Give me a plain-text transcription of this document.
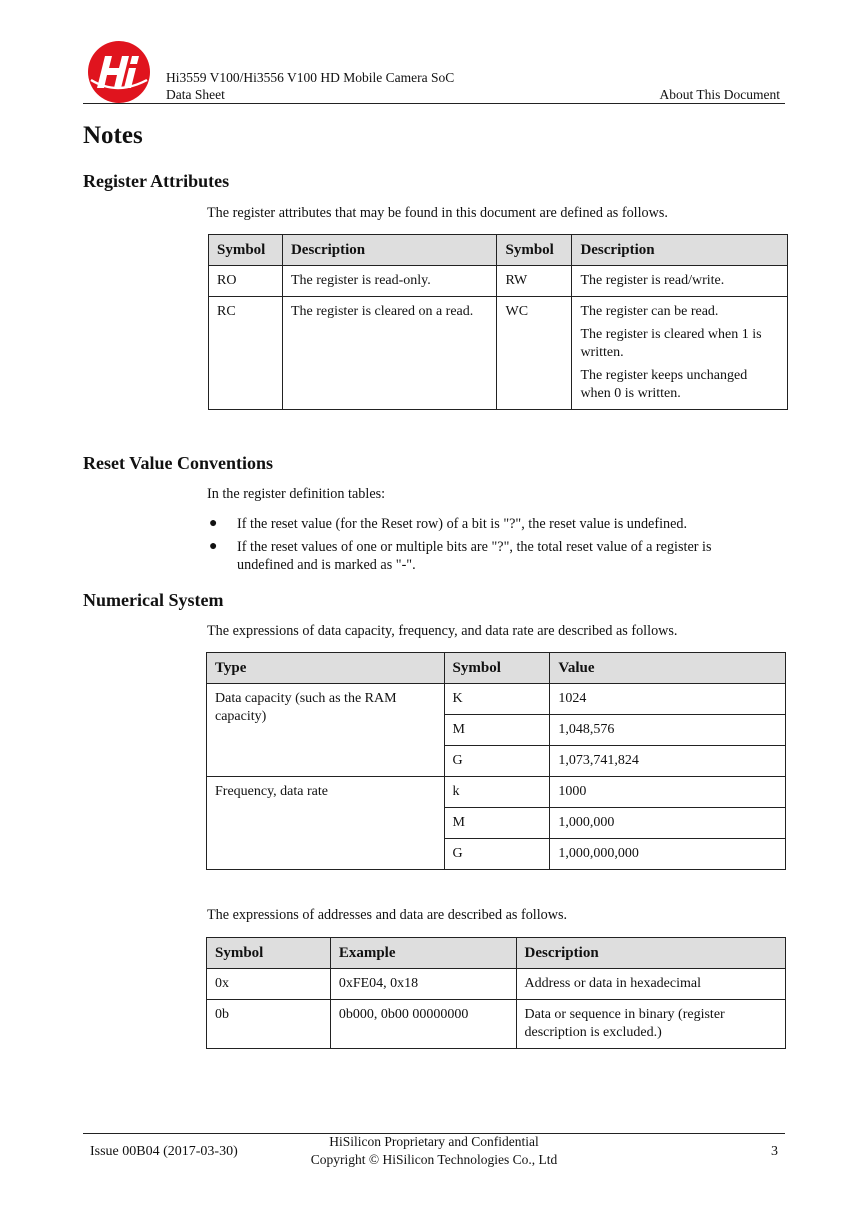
Hi3559 V100/Hi3556 V100 HD Mobile Camera SoC
Data Sheet	About This Document
Notes
Register Attributes

The register attributes that may be found in this document are defined as follows.

Symbol	Description	Symbol	Description
RO	The register is read-only.	RW	The register is read/write.

RC	The register is cleared on a read.	WC	The register can be read.

The register is cleared when 1 is written.

The register keeps unchanged when 0 is written.

Reset Value Conventions

In the register definition tables:

● If the reset value (for the Reset row) of a bit is "?", the reset value is undefined.
● If the reset values of one or multiple bits are "?", the total reset value of a register is undefined and is marked as "-".
Numerical System

The expressions of data capacity, frequency, and data rate are described as follows.

Type	Symbol	Value
Data capacity (such as the RAM capacity)	K	1024
	M	1,048,576
	G	1,073,741,824
Frequency, data rate	k	1000
	M	1,000,000
	G	1,000,000,000

The expressions of addresses and data are described as follows.

Symbol	Example	Description
0x	0xFE04, 0x18	Address or data in hexadecimal
0b	0b000, 0b00 00000000	Data or sequence in binary (register description is excluded.)
Issue 00B04 (2017-03-30)
HiSilicon Proprietary and Confidential
Copyright © HiSilicon Technologies Co., Ltd
3
